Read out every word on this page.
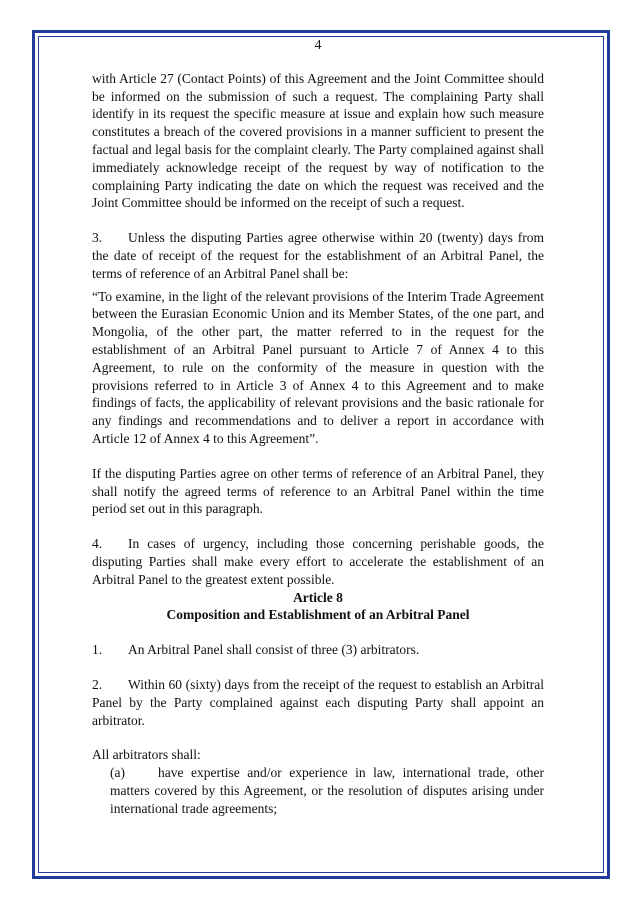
4

with Article 27 (Contact Points) of this Agreement and the Joint Committee should be informed on the submission of such a request. The complaining Party shall identify in its request the specific measure at issue and explain how such measure constitutes a breach of the covered provisions in a manner sufficient to present the factual and legal basis for the complaint clearly. The Party complained against shall immediately acknowledge receipt of the request by way of notification to the complaining Party indicating the date on which the request was received and the Joint Committee should be informed on the receipt of such a request.

3. Unless the disputing Parties agree otherwise within 20 (twenty) days from the date of receipt of the request for the establishment of an Arbitral Panel, the terms of reference of an Arbitral Panel shall be:

“To examine, in the light of the relevant provisions of the Interim Trade Agreement between the Eurasian Economic Union and its Member States, of the one part, and Mongolia, of the other part, the matter referred to in the request for the establishment of an Arbitral Panel pursuant to Article 7 of Annex 4 to this Agreement, to rule on the conformity of the measure in question with the provisions referred to in Article 3 of Annex 4 to this Agreement and to make findings of facts, the applicability of relevant provisions and the basic rationale for any findings and recommendations and to deliver a report in accordance with Article 12 of Annex 4 to this Agreement”.

If the disputing Parties agree on other terms of reference of an Arbitral Panel, they shall notify the agreed terms of reference to an Arbitral Panel within the time period set out in this paragraph.

4. In cases of urgency, including those concerning perishable goods, the disputing Parties shall make every effort to accelerate the establishment of an Arbitral Panel to the greatest extent possible.

Article 8

Composition and Establishment of an Arbitral Panel

1. An Arbitral Panel shall consist of three (3) arbitrators.

2. Within 60 (sixty) days from the receipt of the request to establish an Arbitral Panel by the Party complained against each disputing Party shall appoint an arbitrator.

All arbitrators shall:

(a) have expertise and/or experience in law, international trade, other matters covered by this Agreement, or the resolution of disputes arising under international trade agreements;
